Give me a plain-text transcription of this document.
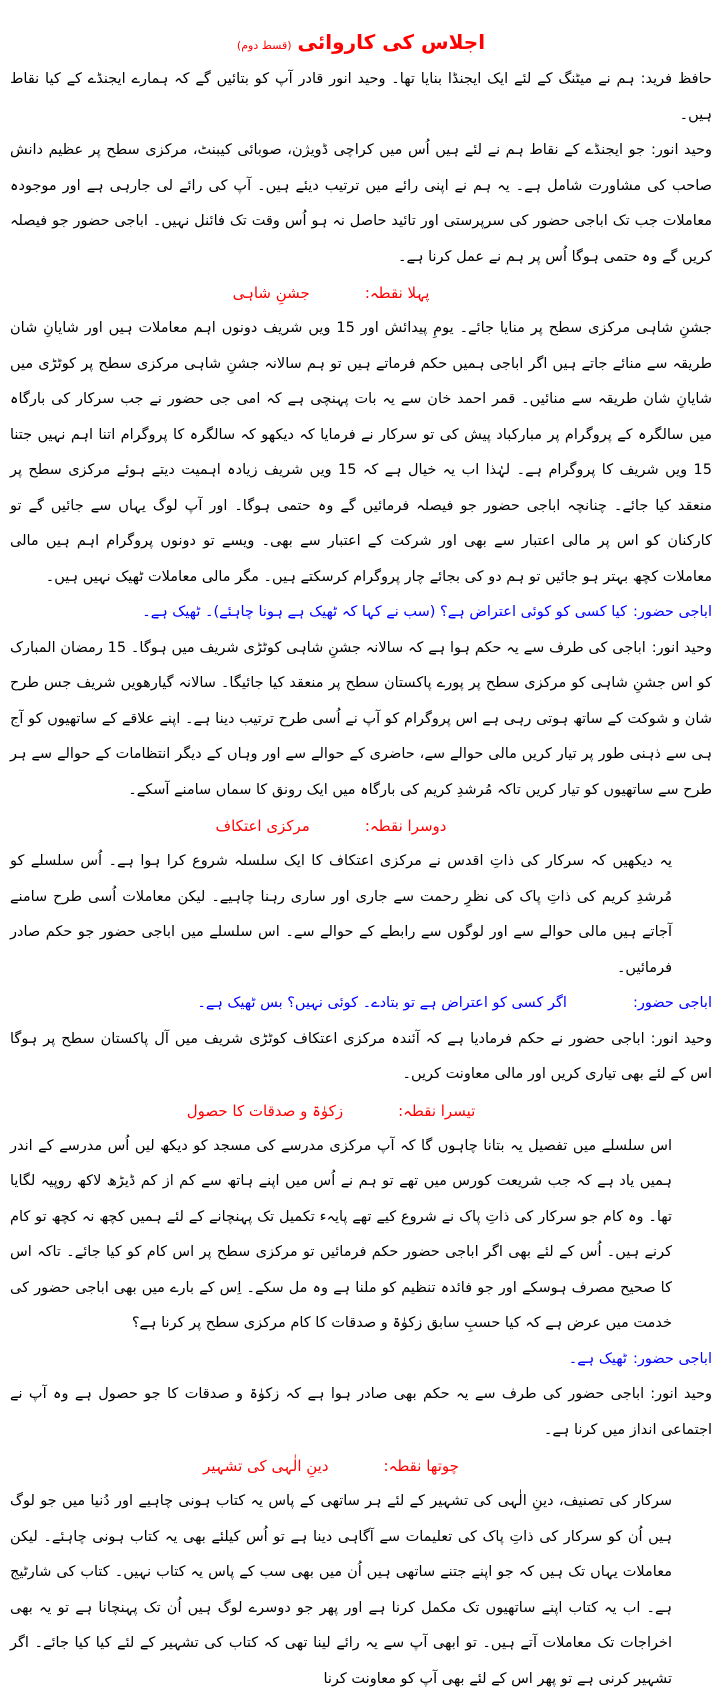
اجلاس کی کاروائی(قسط دوم)

حافظ فرید:ہم نے میٹنگ کے لئے ایک ایجنڈا بنایا تھا۔ وحید انور قادر آپ کو بتائیں گے کہ ہمارے ایجنڈے کے کیا نقاط ہیں۔

وحید انور:جو ایجنڈے کے نقاط ہم نے لئے ہیں اُس میں کراچی ڈویژن، صوبائی کیبنٹ، مرکزی سطح پر عظیم دانش صاحب کی مشاورت شامل ہے۔ یہ ہم نے اپنی رائے میں ترتیب دیئے ہیں۔ آپ کی رائے لی جارہی ہے اور موجودہ معاملات جب تک اباجی حضور کی سرپرستی اور تائید حاصل نہ ہو اُس وقت تک فائنل نہیں۔ اباجی حضور جو فیصلہ کریں گے وہ حتمی ہوگا اُس پر ہم نے عمل کرنا ہے۔

پہلا نقطہ:
جشنِ شاہی

جشنِ شاہی مرکزی سطح پر منایا جائے۔ یومِ پیدائش اور 15 ویں شریف دونوں اہم معاملات ہیں اور شایانِ شان طریقہ سے منائے جاتے ہیں اگر اباجی ہمیں حکم فرماتے ہیں تو ہم سالانہ جشنِ شاہی مرکزی سطح پر کوٹڑی میں شایانِ شان طریقہ سے منائیں۔ قمر احمد خان سے یہ بات پہنچی ہے کہ امی جی حضور نے جب سرکار کی بارگاہ میں سالگرہ کے پروگرام پر مبارکباد پیش کی تو سرکار نے فرمایا کہ دیکھو کہ سالگرہ کا پروگرام اتنا اہم نہیں جتنا 15 ویں شریف کا پروگرام ہے۔ لہٰذا اب یہ خیال ہے کہ 15 ویں شریف زیادہ اہمیت دیتے ہوئے مرکزی سطح پر منعقد کیا جائے۔ چنانچہ اباجی حضور جو فیصلہ فرمائیں گے وہ حتمی ہوگا۔ اور آپ لوگ یہاں سے جائیں گے تو کارکنان کو اس پر مالی اعتبار سے بھی اور شرکت کے اعتبار سے بھی۔ ویسے تو دونوں پروگرام اہم ہیں مالی معاملات کچھ بہتر ہو جائیں تو ہم دو کی بجائے چار پروگرام کرسکتے ہیں۔ مگر مالی معاملات ٹھیک نہیں ہیں۔

اباجی حضور:کیا کسی کو کوئی اعتراض ہے؟ (سب نے کہا کہ ٹھیک ہے ہونا چاہئے)۔ ٹھیک ہے۔

وحید انور:اباجی کی طرف سے یہ حکم ہوا ہے کہ سالانہ جشنِ شاہی کوٹڑی شریف میں ہوگا۔ 15 رمضان المبارک کو اس جشنِ شاہی کو مرکزی سطح پر پورے پاکستان سطح پر منعقد کیا جائیگا۔ سالانہ گیارھویں شریف جس طرح شان و شوکت کے ساتھ ہوتی رہی ہے اس پروگرام کو آپ نے اُسی طرح ترتیب دینا ہے۔ اپنے علاقے کے ساتھیوں کو آج ہی سے ذہنی طور پر تیار کریں مالی حوالے سے، حاضری کے حوالے سے اور وہاں کے دیگر انتظامات کے حوالے سے ہر طرح سے ساتھیوں کو تیار کریں تاکہ مُرشدِ کریم کی بارگاہ میں ایک رونق کا سماں سامنے آسکے۔

دوسرا نقطہ:
مرکزی اعتکاف

یہ دیکھیں کہ سرکار کی ذاتِ اقدس نے مرکزی اعتکاف کا ایک سلسلہ شروع کرا ہوا ہے۔ اُس سلسلے کو مُرشدِ کریم کی ذاتِ پاک کی نظرِ رحمت سے جاری اور ساری رہنا چاہیے۔ لیکن معاملات اُسی طرح سامنے آجاتے ہیں مالی حوالے سے اور لوگوں سے رابطے کے حوالے سے۔ اس سلسلے میں اباجی حضور جو حکم صادر فرمائیں۔

اباجی حضور:اگر کسی کو اعتراض ہے تو بتادے۔ کوئی نہیں؟ بس ٹھیک ہے۔

وحید انور:اباجی حضور نے حکم فرمادیا ہے کہ آئندہ مرکزی اعتکاف کوٹڑی شریف میں آل پاکستان سطح پر ہوگا اس کے لئے بھی تیاری کریں اور مالی معاونت کریں۔

تیسرا نقطہ:
زکوٰۃ و صدقات کا حصول

اس سلسلے میں تفصیل یہ بتانا چاہوں گا کہ آپ مرکزی مدرسے کی مسجد کو دیکھ لیں اُس مدرسے کے اندر ہمیں یاد ہے کہ جب شریعت کورس میں تھے تو ہم نے اُس میں اپنے ہاتھ سے کم از کم ڈیڑھ لاکھ روپیہ لگایا تھا۔ وہ کام جو سرکار کی ذاتِ پاک نے شروع کیے تھے پایہء تکمیل تک پہنچانے کے لئے ہمیں کچھ نہ کچھ تو کام کرنے ہیں۔ اُس کے لئے بھی اگر اباجی حضور حکم فرمائیں تو مرکزی سطح پر اس کام کو کیا جائے۔ تاکہ اس کا صحیح مصرف ہوسکے اور جو فائدہ تنظیم کو ملنا ہے وہ مل سکے۔ اِس کے بارے میں بھی اباجی حضور کی خدمت میں عرض ہے کہ کیا حسبِ سابق زکوٰۃ و صدقات کا کام مرکزی سطح پر کرنا ہے؟

اباجی حضور:ٹھیک ہے۔

وحید انور:اباجی حضور کی طرف سے یہ حکم بھی صادر ہوا ہے کہ زکوٰۃ و صدقات کا جو حصول ہے وہ آپ نے اجتماعی انداز میں کرنا ہے۔

چوتھا نقطہ:
دینِ الٰہی کی تشہیر

سرکار کی تصنیف، دینِ الٰہی کی تشہیر کے لئے ہر ساتھی کے پاس یہ کتاب ہونی چاہیے اور دُنیا میں جو لوگ ہیں اُن کو سرکار کی ذاتِ پاک کی تعلیمات سے آگاہی دینا ہے تو اُس کیلئے بھی یہ کتاب ہونی چاہئے۔ لیکن معاملات یہاں تک ہیں کہ جو اپنے جتنے ساتھی ہیں اُن میں بھی سب کے پاس یہ کتاب نہیں۔ کتاب کی شارٹیج ہے۔ اب یہ کتاب اپنے ساتھیوں تک مکمل کرنا ہے اور پھر جو دوسرے لوگ ہیں اُن تک پہنچانا ہے تو یہ بھی اخراجات تک معاملات آتے ہیں۔ تو ابھی آپ سے یہ رائے لینا تھی کہ کتاب کی تشہیر کے لئے کیا کیا جائے۔ اگر تشہیر کرنی ہے تو پھر اس کے لئے بھی آپ کو معاونت کرنا
